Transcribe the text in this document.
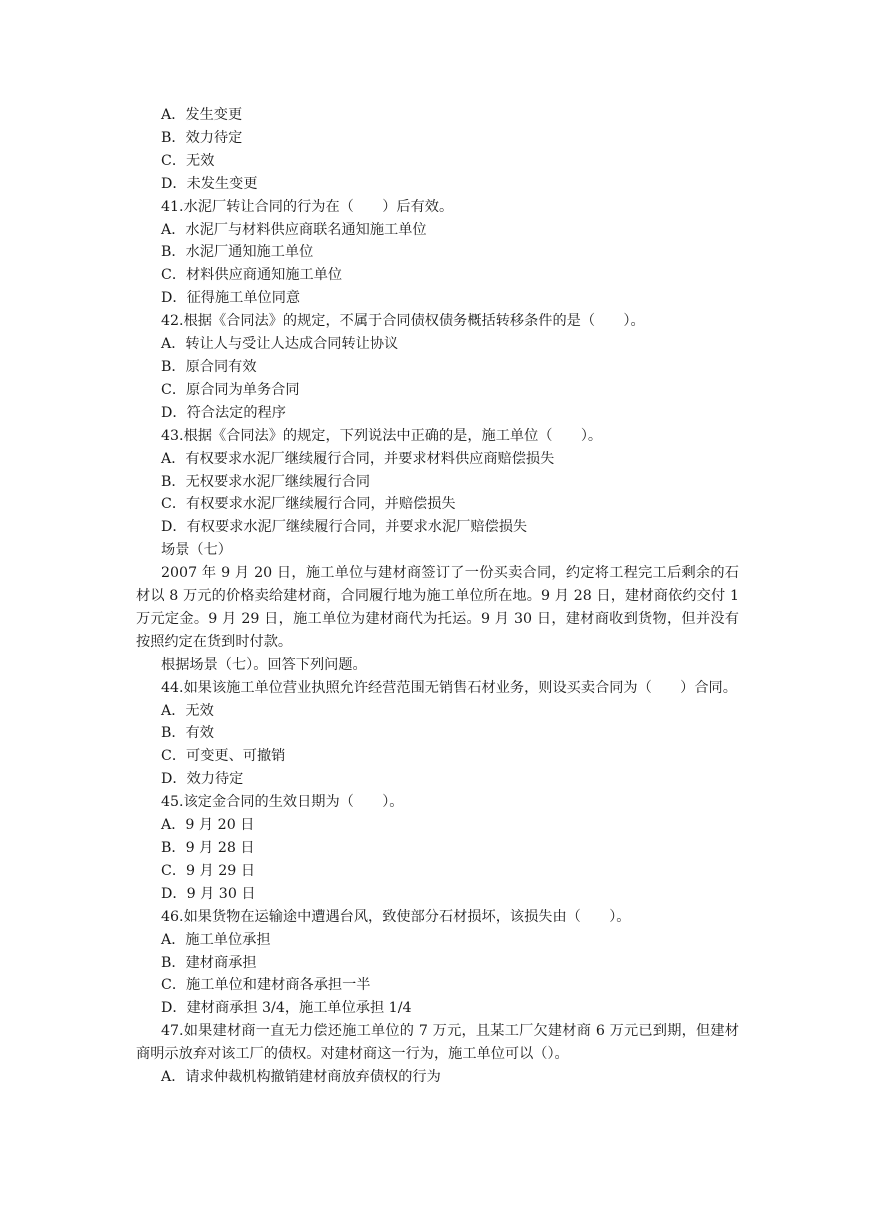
A．发生变更

B．效力待定

C．无效

D．未发生变更

41.水泥厂转让合同的行为在（　　）后有效。

A．水泥厂与材料供应商联名通知施工单位

B．水泥厂通知施工单位

C．材料供应商通知施工单位

D．征得施工单位同意

42.根据《合同法》的规定，不属于合同债权债务概括转移条件的是（　　）。

A．转让人与受让人达成合同转让协议

B．原合同有效

C．原合同为单务合同

D．符合法定的程序

43.根据《合同法》的规定，下列说法中正确的是，施工单位（　　）。

A．有权要求水泥厂继续履行合同，并要求材料供应商赔偿损失

B．无权要求水泥厂继续履行合同

C．有权要求水泥厂继续履行合同，并赔偿损失

D．有权要求水泥厂继续履行合同，并要求水泥厂赔偿损失

场景（七）

2007 年 9 月 20 日，施工单位与建材商签订了一份买卖合同，约定将工程完工后剩余的石材以 8 万元的价格卖给建材商，合同履行地为施工单位所在地。9 月 28 日，建材商依约交付 1 万元定金。9 月 29 日，施工单位为建材商代为托运。9 月 30 日，建材商收到货物，但并没有按照约定在货到时付款。

根据场景（七）。回答下列问题。

44.如果该施工单位营业执照允许经营范围无销售石材业务，则设买卖合同为（　　）合同。

A．无效

B．有效

C．可变更、可撤销

D．效力待定

45.该定金合同的生效日期为（　　）。

A．9 月 20 日

B．9 月 28 日

C．9 月 29 日

D．9 月 30 日

46.如果货物在运输途中遭遇台风，致使部分石材损坏，该损失由（　　）。

A．施工单位承担

B．建材商承担

C．施工单位和建材商各承担一半

D．建材商承担 3/4，施工单位承担 1/4

47.如果建材商一直无力偿还施工单位的 7 万元，且某工厂欠建材商 6 万元已到期，但建材商明示放弃对该工厂的债权。对建材商这一行为，施工单位可以（）。

A．请求仲裁机构撤销建材商放弃债权的行为
